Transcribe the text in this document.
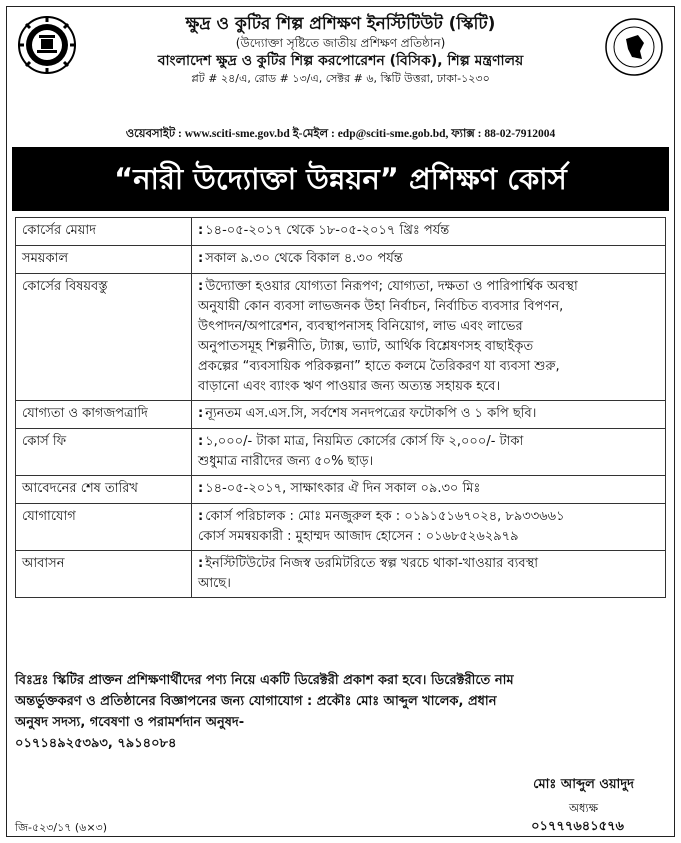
ক্ষুদ্র ও কুটির শিল্প প্রশিক্ষণ ইনস্টিটিউট (স্কিটি)
(উদ্যোক্তা সৃষ্টিতে জাতীয় প্রশিক্ষণ প্রতিষ্ঠান)
বাংলাদেশ ক্ষুদ্র ও কুটির শিল্প করপোরেশন (বিসিক), শিল্প মন্ত্রণালয়
প্লট # ২৪/এ, রোড # ১৩/এ, সেক্টর # ৬, স্কিটি উত্তরা, ঢাকা-১২৩০
ওয়েবসাইট : www.sciti-sme.gov.bd ই-মেইল : edp@sciti-sme.gob.bd, ফ্যাক্স : 88-02-7912004
“নারী উদ্যোক্তা উন্নয়ন” প্রশিক্ষণ কোর্স
কোর্সের মেয়াদ	: ১৪-০৫-২০১৭ থেকে ১৮-০৫-২০১৭ খ্রিঃ পর্যন্ত
সময়কাল	: সকাল ৯.৩০ থেকে বিকাল ৪.৩০ পর্যন্ত
কোর্সের বিষয়বস্তু	: উদ্যোক্তা হওয়ার যোগ্যতা নিরূপণ; যোগ্যতা, দক্ষতা ও পারিপার্শ্বিক অবস্থা
অনুযায়ী কোন ব্যবসা লাভজনক উহা নির্বাচন, নির্বাচিত ব্যবসার বিপণন,
উৎপাদন/অপারেশন, ব্যবস্থাপনাসহ বিনিয়োগ, লাভ এবং লাভের
অনুপাতসমূহ শিল্পনীতি, ট্যাক্স, ভ্যাট, আর্থিক বিশ্লেষণসহ বাছাইকৃত
প্রকল্পের “ব্যবসায়িক পরিকল্পনা” হাতে কলমে তৈরিকরণ যা ব্যবসা শুরু,
বাড়ানো এবং ব্যাংক ঋণ পাওয়ার জন্য অত্যন্ত সহায়ক হবে।
যোগ্যতা ও কাগজপত্রাদি	: ন্যূনতম এস.এস.সি, সর্বশেষ সনদপত্রের ফটোকপি ও ১ কপি ছবি।
কোর্স ফি	: ১,০০০/- টাকা মাত্র, নিয়মিত কোর্সের কোর্স ফি ২,০০০/- টাকা
শুধুমাত্র নারীদের জন্য ৫০% ছাড়।
আবেদনের শেষ তারিখ	: ১৪-০৫-২০১৭, সাক্ষাৎকার ঐ দিন সকাল ০৯.৩০ মিঃ
যোগাযোগ	: কোর্স পরিচালক : মোঃ মনজুরুল হক : ০১৯১৫১৬৭০২৪, ৮৯৩৩৬৬১
কোর্স সমন্বয়কারী : মুহাম্মদ আজাদ হোসেন : ০১৬৮৫২৬২৯৭৯
আবাসন	: ইনস্টিটিউটের নিজস্ব ডরমিটরিতে স্বল্প খরচে থাকা-খাওয়ার ব্যবস্থা
আছে।
বিঃদ্রঃ স্কিটির প্রাক্তন প্রশিক্ষণার্থীদের পণ্য নিয়ে একটি ডিরেক্টরী প্রকাশ করা হবে। ডিরেক্টরীতে নাম
অন্তর্ভুক্তকরণ ও প্রতিষ্ঠানের বিজ্ঞাপনের জন্য যোগাযোগ : প্রকৌঃ মোঃ আব্দুল খালেক, প্রধান
অনুষদ সদস্য, গবেষণা ও পরামর্শদান অনুষদ-
০১৭১৪৯২৫৩৯৩, ৭৯১৪০৮৪
মোঃ আব্দুল ওয়াদুদ
অধ্যক্ষ
জি-৫২৩/১৭ (৬×৩)	০১৭৭৭৬৪১৫৭৬
